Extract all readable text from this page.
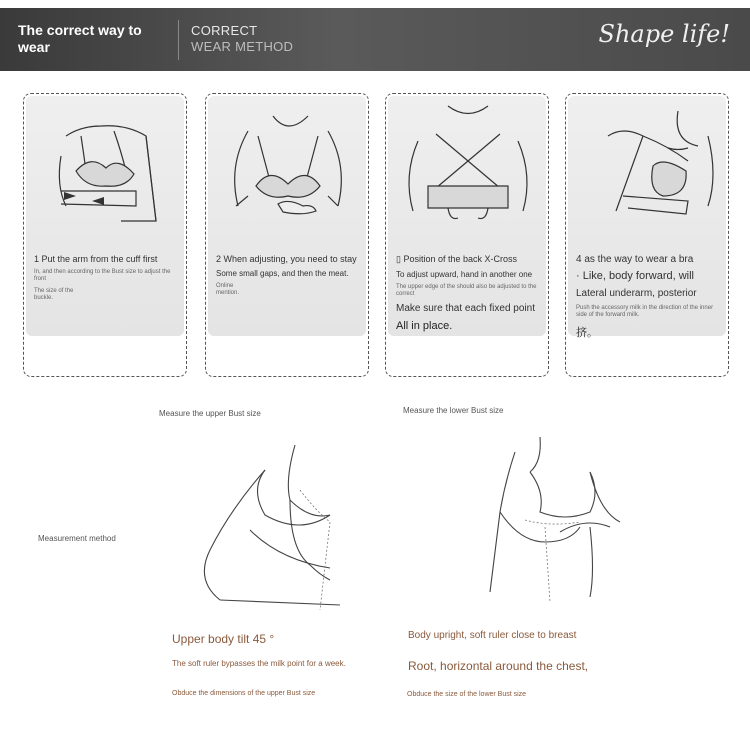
The correct way to wear
CORRECT
WEAR METHOD	Shape life!
1 Put the arm from the cuff first
In, and then according to the Bust size to adjust the front
The size of the buckle.
2 When adjusting, you need to stay
Some small gaps, and then the meat.
Online mention.
▯ Position of the back X-Cross
To adjust upward, hand in another one
The upper edge of the should also be adjusted to the correct
Make sure that each fixed point
All in place.
4 as the way to wear a bra
· Like, body forward, will
Lateral underarm, posterior
Push the accessory milk in the direction of the inner side of the forward milk.
挤。
Measure the upper Bust size	Measure the lower Bust size
Measurement method
Upper body tilt 45 °
The soft ruler bypasses the milk point for a week.
Obduce the dimensions of the upper Bust size
Body upright, soft ruler close to breast
Root, horizontal around the chest,
Obduce the size of the lower Bust size
